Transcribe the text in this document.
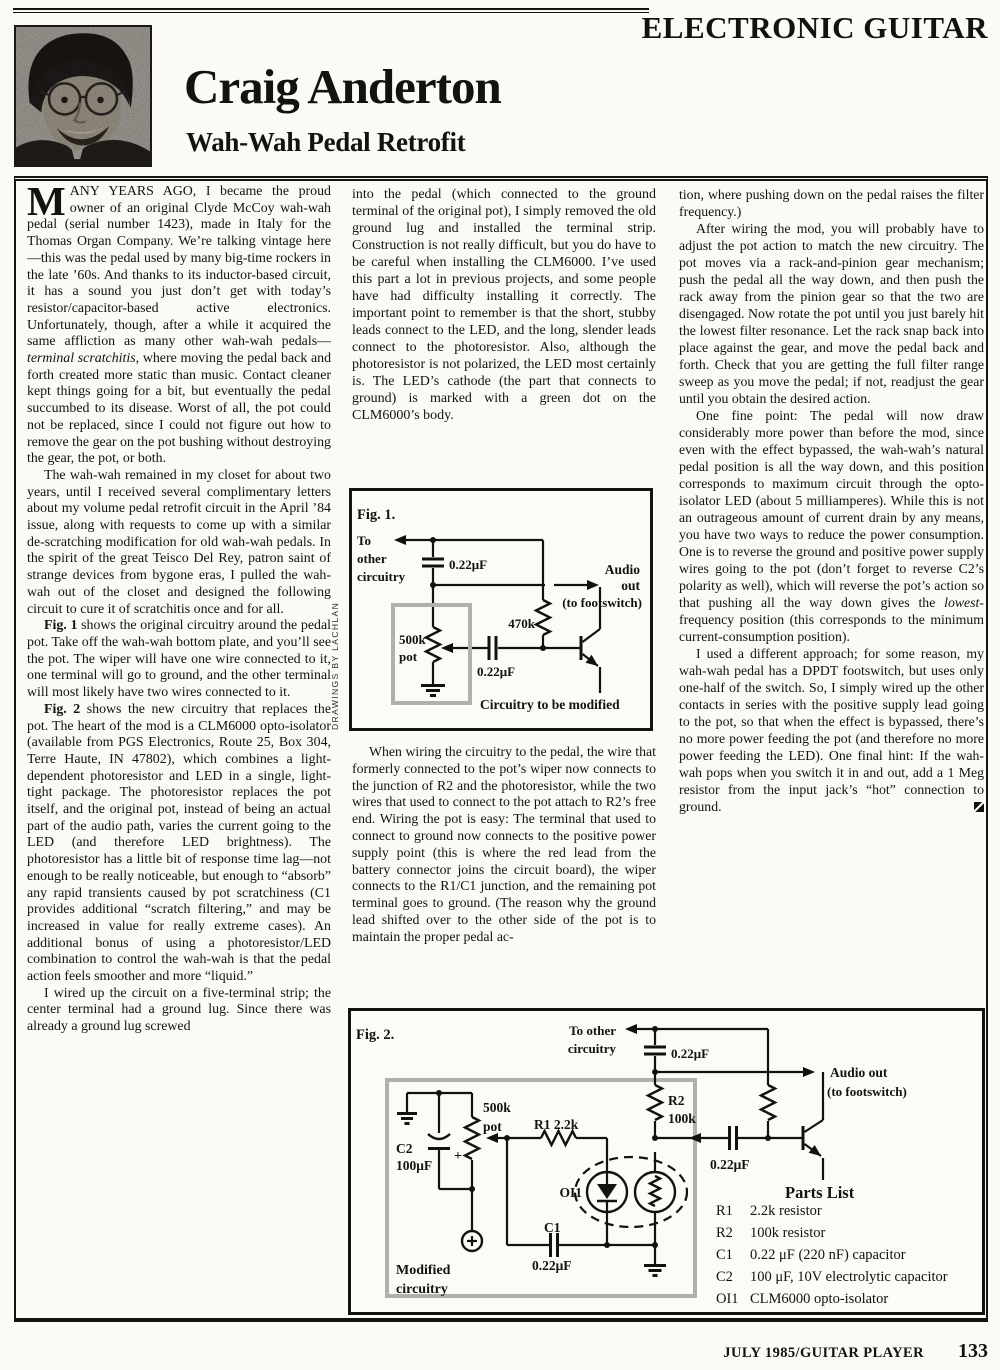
ELECTRONIC GUITAR
Craig Anderton
Wah-Wah Pedal Retrofit

MANY YEARS AGO, I became the proud owner of an original Clyde McCoy wah-wah pedal (serial number 1423), made in Italy for the Thomas Organ Company. We’re talking vintage here—this was the pedal used by many big-time rockers in the late ’60s. And thanks to its inductor-based circuit, it has a sound you just don’t get with today’s resistor/capacitor-based active electronics. Unfortunately, though, after a while it acquired the same affliction as many other wah-wah pedals—terminal scratchitis, where moving the pedal back and forth created more static than music. Contact cleaner kept things going for a bit, but eventually the pedal succumbed to its disease. Worst of all, the pot could not be replaced, since I could not figure out how to remove the gear on the pot bushing without destroying the gear, the pot, or both.

The wah-wah remained in my closet for about two years, until I received several complimentary letters about my volume pedal retrofit circuit in the April ’84 issue, along with requests to come up with a similar de-scratching modification for old wah-wah pedals. In the spirit of the great Teisco Del Rey, patron saint of strange devices from bygone eras, I pulled the wah-wah out of the closet and designed the following circuit to cure it of scratchitis once and for all.

Fig. 1 shows the original circuitry around the pedal pot. Take off the wah-wah bottom plate, and you’ll see the pot. The wiper will have one wire connected to it, one terminal will go to ground, and the other terminal will most likely have two wires connected to it.

Fig. 2 shows the new circuitry that replaces the pot. The heart of the mod is a CLM6000 opto-isolator (available from PGS Electronics, Route 25, Box 304, Terre Haute, IN 47802), which combines a light-dependent photoresistor and LED in a single, light-tight package. The photoresistor replaces the pot itself, and the original pot, instead of being an actual part of the audio path, varies the current going to the LED (and therefore LED brightness). The photoresistor has a little bit of response time lag—not enough to be really noticeable, but enough to “absorb” any rapid transients caused by pot scratchiness (C1 provides additional “scratch filtering,” and may be increased in value for really extreme cases). An additional bonus of using a photoresistor/LED combination to control the wah-wah is that the pedal action feels smoother and more “liquid.”

I wired up the circuit on a five-terminal strip; the center terminal had a ground lug. Since there was already a ground lug screwed

into the pedal (which connected to the ground terminal of the original pot), I simply removed the old ground lug and installed the terminal strip. Construction is not really difficult, but you do have to be careful when installing the CLM6000. I’ve used this part a lot in previous projects, and some people have had difficulty installing it correctly. The important point to remember is that the short, stubby leads connect to the LED, and the long, slender leads connect to the photoresistor. Also, although the photoresistor is not polarized, the LED most certainly is. The LED’s cathode (the part that connects to ground) is marked with a green dot on the CLM6000’s body.

When wiring the circuitry to the pedal, the wire that formerly connected to the pot’s wiper now connects to the junction of R2 and the photoresistor, while the two wires that used to connect to the pot attach to R2’s free end. Wiring the pot is easy: The terminal that used to connect to ground now connects to the positive power supply point (this is where the red lead from the battery connector joins the circuit board), the wiper connects to the R1/C1 junction, and the remaining pot terminal goes to ground. (The reason why the ground lead shifted over to the other side of the pot is to maintain the proper pedal ac-

tion, where pushing down on the pedal raises the filter frequency.)

After wiring the mod, you will probably have to adjust the pot action to match the new circuitry. The pot moves via a rack-and-pinion gear mechanism; push the pedal all the way down, and then push the rack away from the pinion gear so that the two are disengaged. Now rotate the pot until you just barely hit the lowest filter resonance. Let the rack snap back into place against the gear, and move the pedal back and forth. Check that you are getting the full filter range sweep as you move the pedal; if not, readjust the gear until you obtain the desired action.

One fine point: The pedal will now draw considerably more power than before the mod, since even with the effect bypassed, the wah-wah’s natural pedal position is all the way down, and this position corresponds to maximum circuit through the opto-isolator LED (about 5 milliamperes). While this is not an outrageous amount of current drain by any means, you have two ways to reduce the power consumption. One is to reverse the ground and positive power supply wires going to the pot (don’t forget to reverse C2’s polarity as well), which will reverse the pot’s action so that pushing all the way down gives the lowest-frequency position (this corresponds to the minimum current-consumption position).

I used a different approach; for some reason, my wah-wah pedal has a DPDT footswitch, but uses only one-half of the switch. So, I simply wired up the other contacts in series with the positive supply lead going to the pot, so that when the effect is bypassed, there’s no more power feeding the pot (and therefore no more power feeding the LED). One final hint: If the wah-wah pops when you switch it in and out, add a 1 Meg resistor from the input jack’s “hot” connection to ground.

DRAWINGS BY LACHLAN
Fig. 1.
To
other
circuitry
0.22μF	Audio
out
(to footswitch)
470k
500k
pot
0.22μF
Circuitry to be modified
Fig. 2.	To other
circuitry	0.22μF
Audio out
(to footswitch)
R2
100k
R1 2.2k
C2
100μF
+
500k
pot
OI1
C1
0.22μF
0.22μF
Modified
circuitry
Parts List
R1 2.2k resistor
R2 100k resistor
C1 0.22 μF (220 nF) capacitor
C2 100 μF, 10V electrolytic capacitor
OI1 CLM6000 opto-isolator
JULY 1985/GUITAR PLAYER 133
